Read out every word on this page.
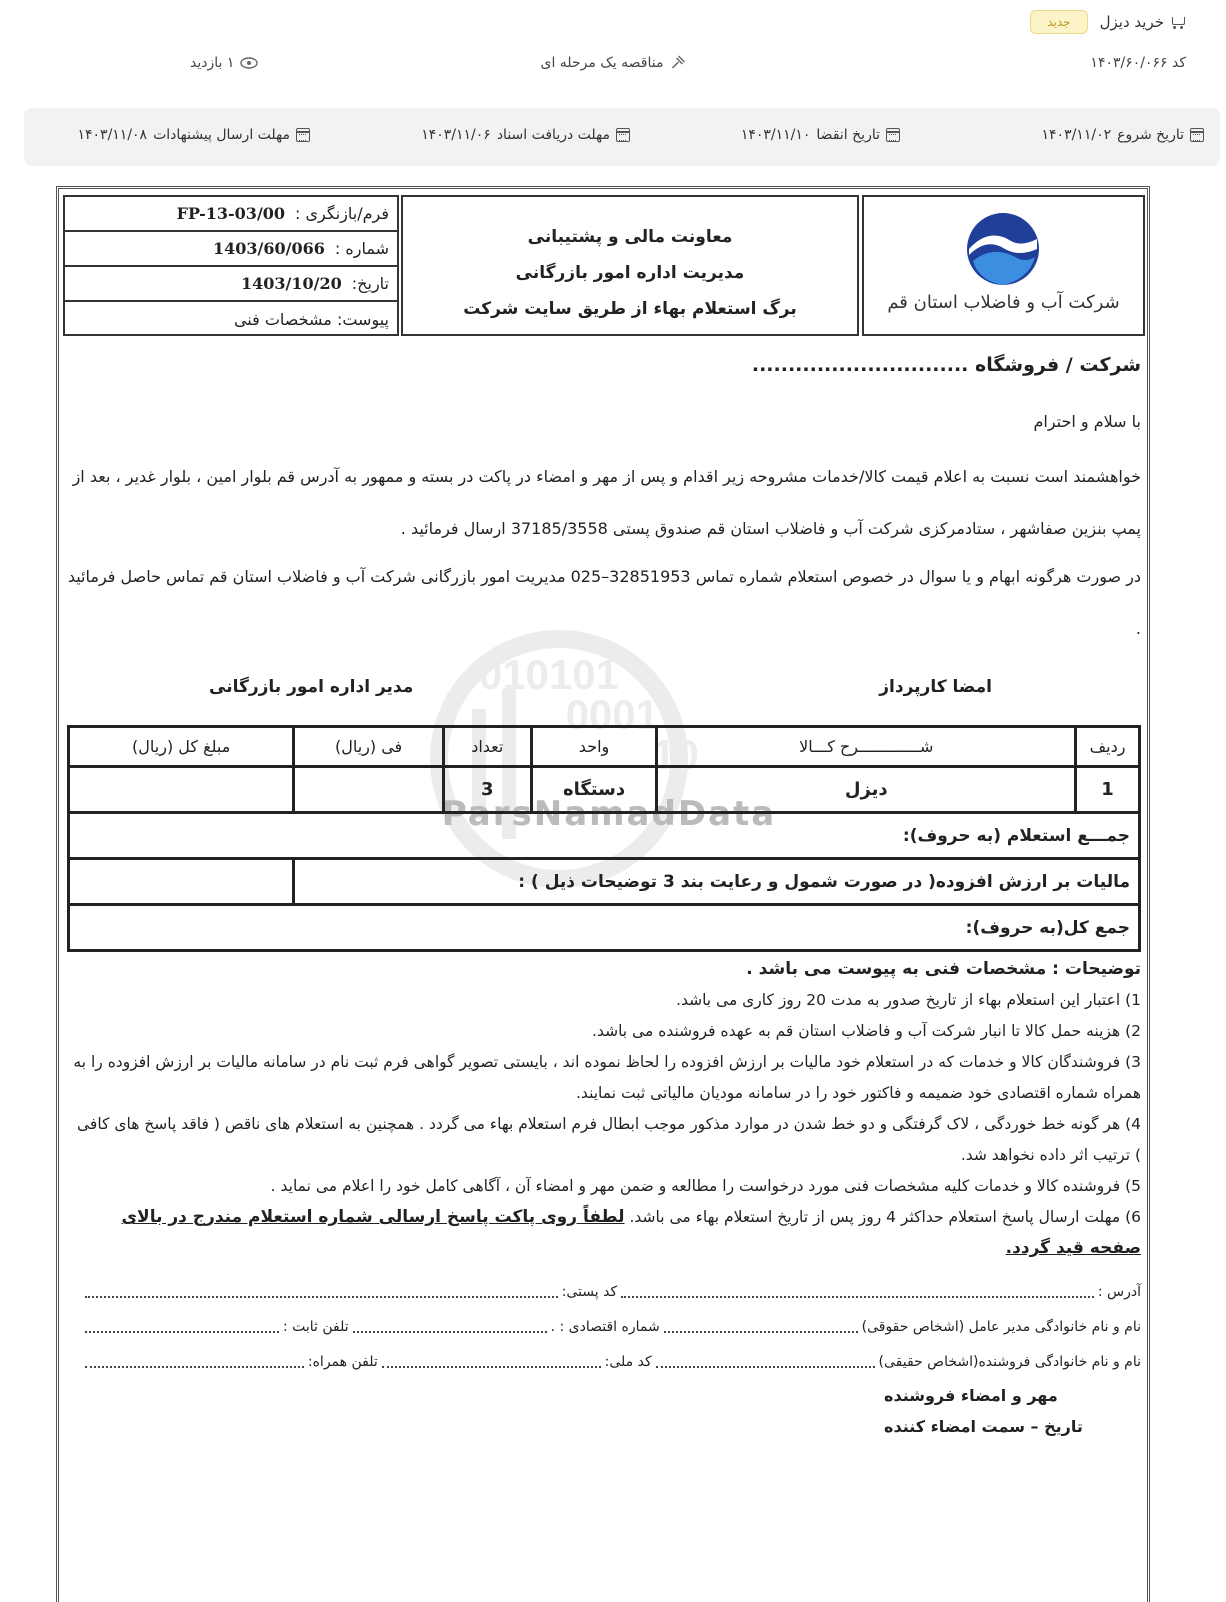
خرید دیزل
جدید
کد ۱۴۰۳/۶۰/۰۶۶
مناقصه یک مرحله ای
۱ بازدید
تاریخ شروع
۱۴۰۳/۱۱/۰۲
تاریخ انقضا
۱۴۰۳/۱۱/۱۰
مهلت دریافت اسناد
۱۴۰۳/۱۱/۰۶
مهلت ارسال پیشنهادات
۱۴۰۳/۱۱/۰۸
010101
0001
10
ParsNamadData
شرکت آب و فاضلاب استان قم
معاونت مالی و پشتیبانی
مدیریت اداره امور بازرگانی
برگ استعلام بهاء از طریق سایت شرکت
فرم/بازنگری :
FP-13-03/00
شماره :
1403/60/066
تاریخ:
1403/10/20
پیوست: مشخصات فنی
شرکت / فروشگاه ..............................
با سلام و احترام
خواهشمند است نسبت به اعلام قیمت کالا/خدمات مشروحه زیر اقدام و پس از مهر و امضاء در پاکت در بسته و ممهور به آدرس قم بلوار امین ، بلوار غدیر ، بعد از پمپ بنزین صفاشهر ، ستادمرکزی شرکت آب و فاضلاب استان قم صندوق پستی 37185/3558 ارسال فرمائید .
در صورت هرگونه ابهام و یا سوال در خصوص استعلام شماره تماس 32851953–025 مدیریت امور بازرگانی شرکت آب و فاضلاب استان قم تماس حاصل فرمائید .
امضا کارپرداز
مدیر اداره امور بازرگانی
ردیف	شـــــــــــــرح کـــالا	واحد	تعداد	فی (ریال)	مبلغ کل (ریال)
1	دیزل	دستگاه	3		
جمـــع استعلام (به حروف):					
مالیات بر ارزش افزوده( در صورت شمول و رعایت بند 3 توضیحات ذیل ) :					
جمع کل(به حروف):					
توضیحات : مشخصات فنی به پیوست می باشد .
1) اعتبار این استعلام بهاء از تاریخ صدور به مدت 20 روز کاری می باشد.
2) هزینه حمل کالا تا انبار شرکت آب و فاضلاب استان قم به عهده فروشنده می باشد.
3) فروشندگان کالا و خدمات که در استعلام خود مالیات بر ارزش افزوده را لحاظ نموده اند ، بایستی تصویر گواهی فرم ثبت نام در سامانه مالیات بر ارزش افزوده را به همراه شماره اقتصادی خود ضمیمه و فاکتور خود را در سامانه مودیان مالیاتی ثبت نمایند.
4) هر گونه خط خوردگی ، لاک گرفتگی و دو خط شدن در موارد مذکور موجب ابطال فرم استعلام بهاء می گردد . همچنین به استعلام های ناقص ( فاقد پاسخ های کافی ) ترتیب اثر داده نخواهد شد.
5) فروشنده کالا و خدمات کلیه مشخصات فنی مورد درخواست را مطالعه و ضمن مهر و امضاء آن ، آگاهی کامل خود را اعلام می نماید .
6) مهلت ارسال پاسخ استعلام حداکثر 4 روز پس از تاریخ استعلام بهاء می باشد. لطفاً روی پاکت پاسخ ارسالی شماره استعلام مندرج در بالای صفحه قید گردد.
آدرس :
کد پستی:
نام و نام خانوادگی مدیر عامل (اشخاص حقوقی)
شماره اقتصادی : .
تلفن ثابت :
نام و نام خانوادگی فروشنده(اشخاص حقیقی)
کد ملی:
تلفن همراه:
مهر و امضاء فروشنده
تاریخ – سمت امضاء کننده
